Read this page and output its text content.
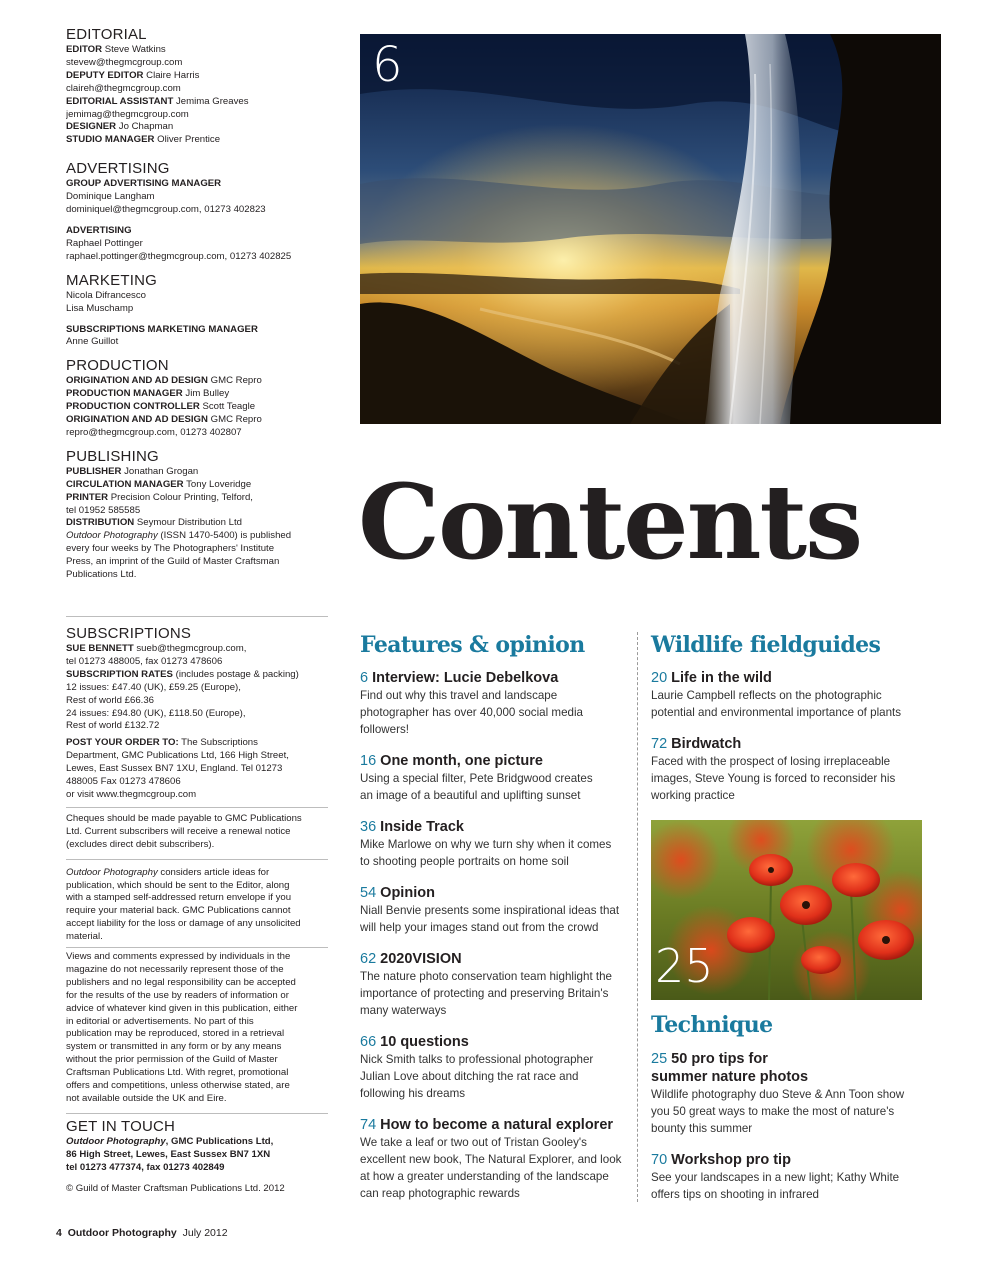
EDITORIAL
EDITOR Steve Watkins
stevew@thegmcgroup.com
DEPUTY EDITOR Claire Harris
claireh@thegmcgroup.com
EDITORIAL ASSISTANT Jemima Greaves
jemimag@thegmcgroup.com
DESIGNER Jo Chapman
STUDIO MANAGER Oliver Prentice
ADVERTISING
GROUP ADVERTISING MANAGER
Dominique Langham
dominiquel@thegmcgroup.com, 01273 402823
ADVERTISING
Raphael Pottinger
raphael.pottinger@thegmcgroup.com, 01273 402825
MARKETING
Nicola Difrancesco
Lisa Muschamp
SUBSCRIPTIONS MARKETING MANAGER
Anne Guillot
PRODUCTION
ORIGINATION AND AD DESIGN GMC Repro
PRODUCTION MANAGER Jim Bulley
PRODUCTION CONTROLLER Scott Teagle
ORIGINATION AND AD DESIGN GMC Repro
repro@thegmcgroup.com, 01273 402807
PUBLISHING
PUBLISHER Jonathan Grogan
CIRCULATION MANAGER Tony Loveridge
PRINTER Precision Colour Printing, Telford,
tel 01952 585585
DISTRIBUTION Seymour Distribution Ltd
Outdoor Photography (ISSN 1470-5400) is published
every four weeks by The Photographers' Institute
Press, an imprint of the Guild of Master Craftsman
Publications Ltd.
SUBSCRIPTIONS
SUE BENNETT sueb@thegmcgroup.com,
tel 01273 488005, fax 01273 478606
SUBSCRIPTION RATES (includes postage & packing)
12 issues: £47.40 (UK), £59.25 (Europe),
Rest of world £66.36
24 issues: £94.80 (UK), £118.50 (Europe),
Rest of world £132.72
POST YOUR ORDER TO: The Subscriptions
Department, GMC Publications Ltd, 166 High Street,
Lewes, East Sussex BN7 1XU, England. Tel 01273
488005 Fax 01273 478606
or visit www.thegmcgroup.com
Cheques should be made payable to GMC Publications
Ltd. Current subscribers will receive a renewal notice
(excludes direct debit subscribers).
Outdoor Photography considers article ideas for
publication, which should be sent to the Editor, along
with a stamped self-addressed return envelope if you
require your material back. GMC Publications cannot
accept liability for the loss or damage of any unsolicited
material.
Views and comments expressed by individuals in the
magazine do not necessarily represent those of the
publishers and no legal responsibility can be accepted
for the results of the use by readers of information or
advice of whatever kind given in this publication, either
in editorial or advertisements. No part of this
publication may be reproduced, stored in a retrieval
system or transmitted in any form or by any means
without the prior permission of the Guild of Master
Craftsman Publications Ltd. With regret, promotional
offers and competitions, unless otherwise stated, are
not available outside the UK and Eire.
GET IN TOUCH
Outdoor Photography, GMC Publications Ltd,
86 High Street, Lewes, East Sussex BN7 1XN
tel 01273 477374, fax 01273 402849
© Guild of Master Craftsman Publications Ltd. 2012
6
Contents
Features & opinion
6 Interview: Lucie Debelkova
Find out why this travel and landscape
photographer has over 40,000 social media
followers!
16 One month, one picture
Using a special filter, Pete Bridgwood creates
an image of a beautiful and uplifting sunset
36 Inside Track
Mike Marlowe on why we turn shy when it comes
to shooting people portraits on home soil
54 Opinion
Niall Benvie presents some inspirational ideas that
will help your images stand out from the crowd
62 2020VISION
The nature photo conservation team highlight the
importance of protecting and preserving Britain's
many waterways
66 10 questions
Nick Smith talks to professional photographer
Julian Love about ditching the rat race and
following his dreams
74 How to become a natural explorer
We take a leaf or two out of Tristan Gooley's
excellent new book, The Natural Explorer, and look
at how a greater understanding of the landscape
can reap photographic rewards
Wildlife fieldguides
20 Life in the wild
Laurie Campbell reflects on the photographic
potential and environmental importance of plants
72 Birdwatch
Faced with the prospect of losing irreplaceable
images, Steve Young is forced to reconsider his
working practice
25
Technique
25 50 pro tips for
summer nature photos
Wildlife photography duo Steve & Ann Toon show
you 50 great ways to make the most of nature's
bounty this summer
70 Workshop pro tip
See your landscapes in a new light; Kathy White
offers tips on shooting in infrared
4 Outdoor Photography July 2012
